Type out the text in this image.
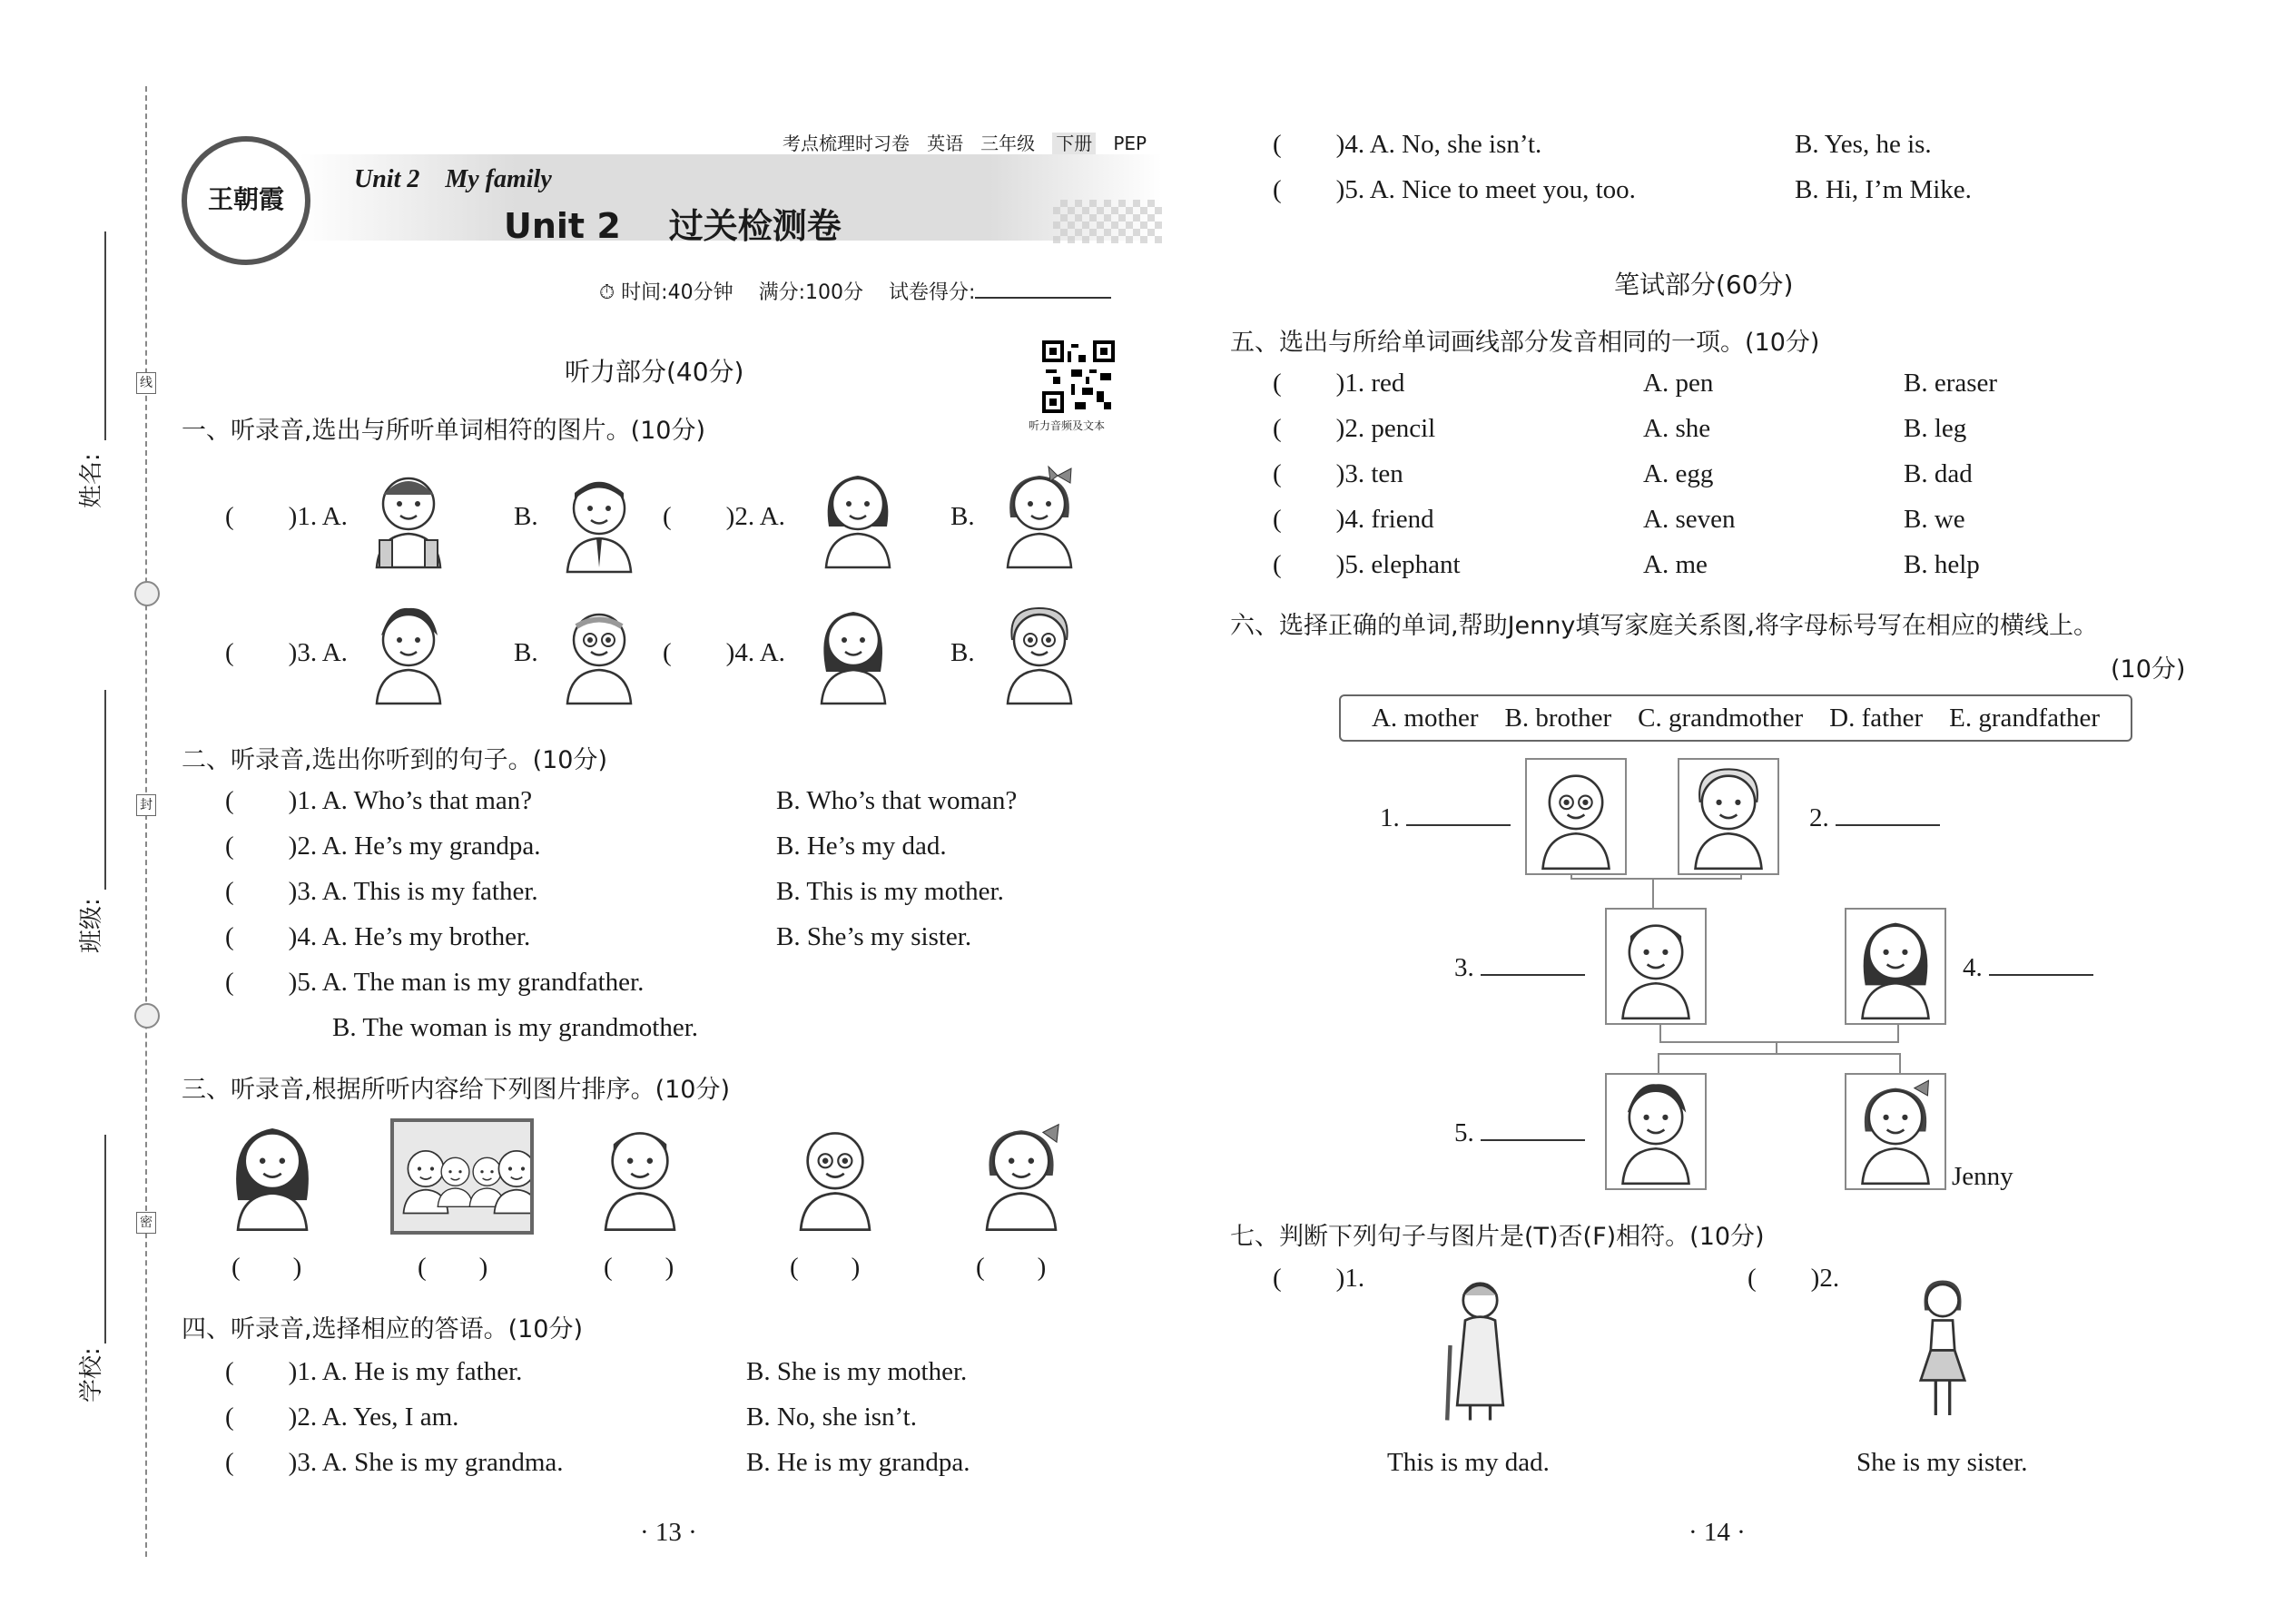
姓名:
班级:
学校:
线
封
密
考点梳理时习卷 英语 三年级 下册 PEP
王朝霞
Unit 2    My family
Unit 2    过关检测卷
⏱ 时间:40分钟 满分:100分 试卷得分:
听力音频及文本
听力部分(40分)
一、听录音,选出与所听单词相符的图片。(10分)
( )1. A.	B.	( )2. A.	B.
( )3. A.	B.	( )4. A.	B.
二、听录音,选出你听到的句子。(10分)
( )1. A. Who’s that man?	B. Who’s that woman?
( )2. A. He’s my grandpa.	B. He’s my dad.
( )3. A. This is my father.	B. This is my mother.
( )4. A. He’s my brother.	B. She’s my sister.
( )5. A. The man is my grandfather.
B. The woman is my grandmother.
三、听录音,根据所听内容给下列图片排序。(10分)
(        )	(        )	(        )	(        )	(        )
四、听录音,选择相应的答语。(10分)
( )1. A. He is my father.	B. She is my mother.
( )2. A. Yes, I am.	B. No, she isn’t.
( )3. A. She is my grandma.	B. He is my grandpa.
· 13 ·
( )4. A. No, she isn’t.	B. Yes, he is.
( )5. A. Nice to meet you, too.	B. Hi, I’m Mike.
笔试部分(60分)
五、选出与所给单词画线部分发音相同的一项。(10分)
( )1. red	A. pen	B. eraser
( )2. pencil	A. she	B. leg
( )3. ten	A. egg	B. dad
( )4. friend	A. seven	B. we
( )5. elephant	A. me	B. help
六、选择正确的单词,帮助Jenny填写家庭关系图,将字母标号写在相应的横线上。
(10分)
A. mother    B. brother    C. grandmother    D. father    E. grandfather
1.	2.
3.	4.
5.
Jenny
七、判断下列句子与图片是(T)否(F)相符。(10分)
( )1.	( )2.
This is my dad.	She is my sister.
· 14 ·
